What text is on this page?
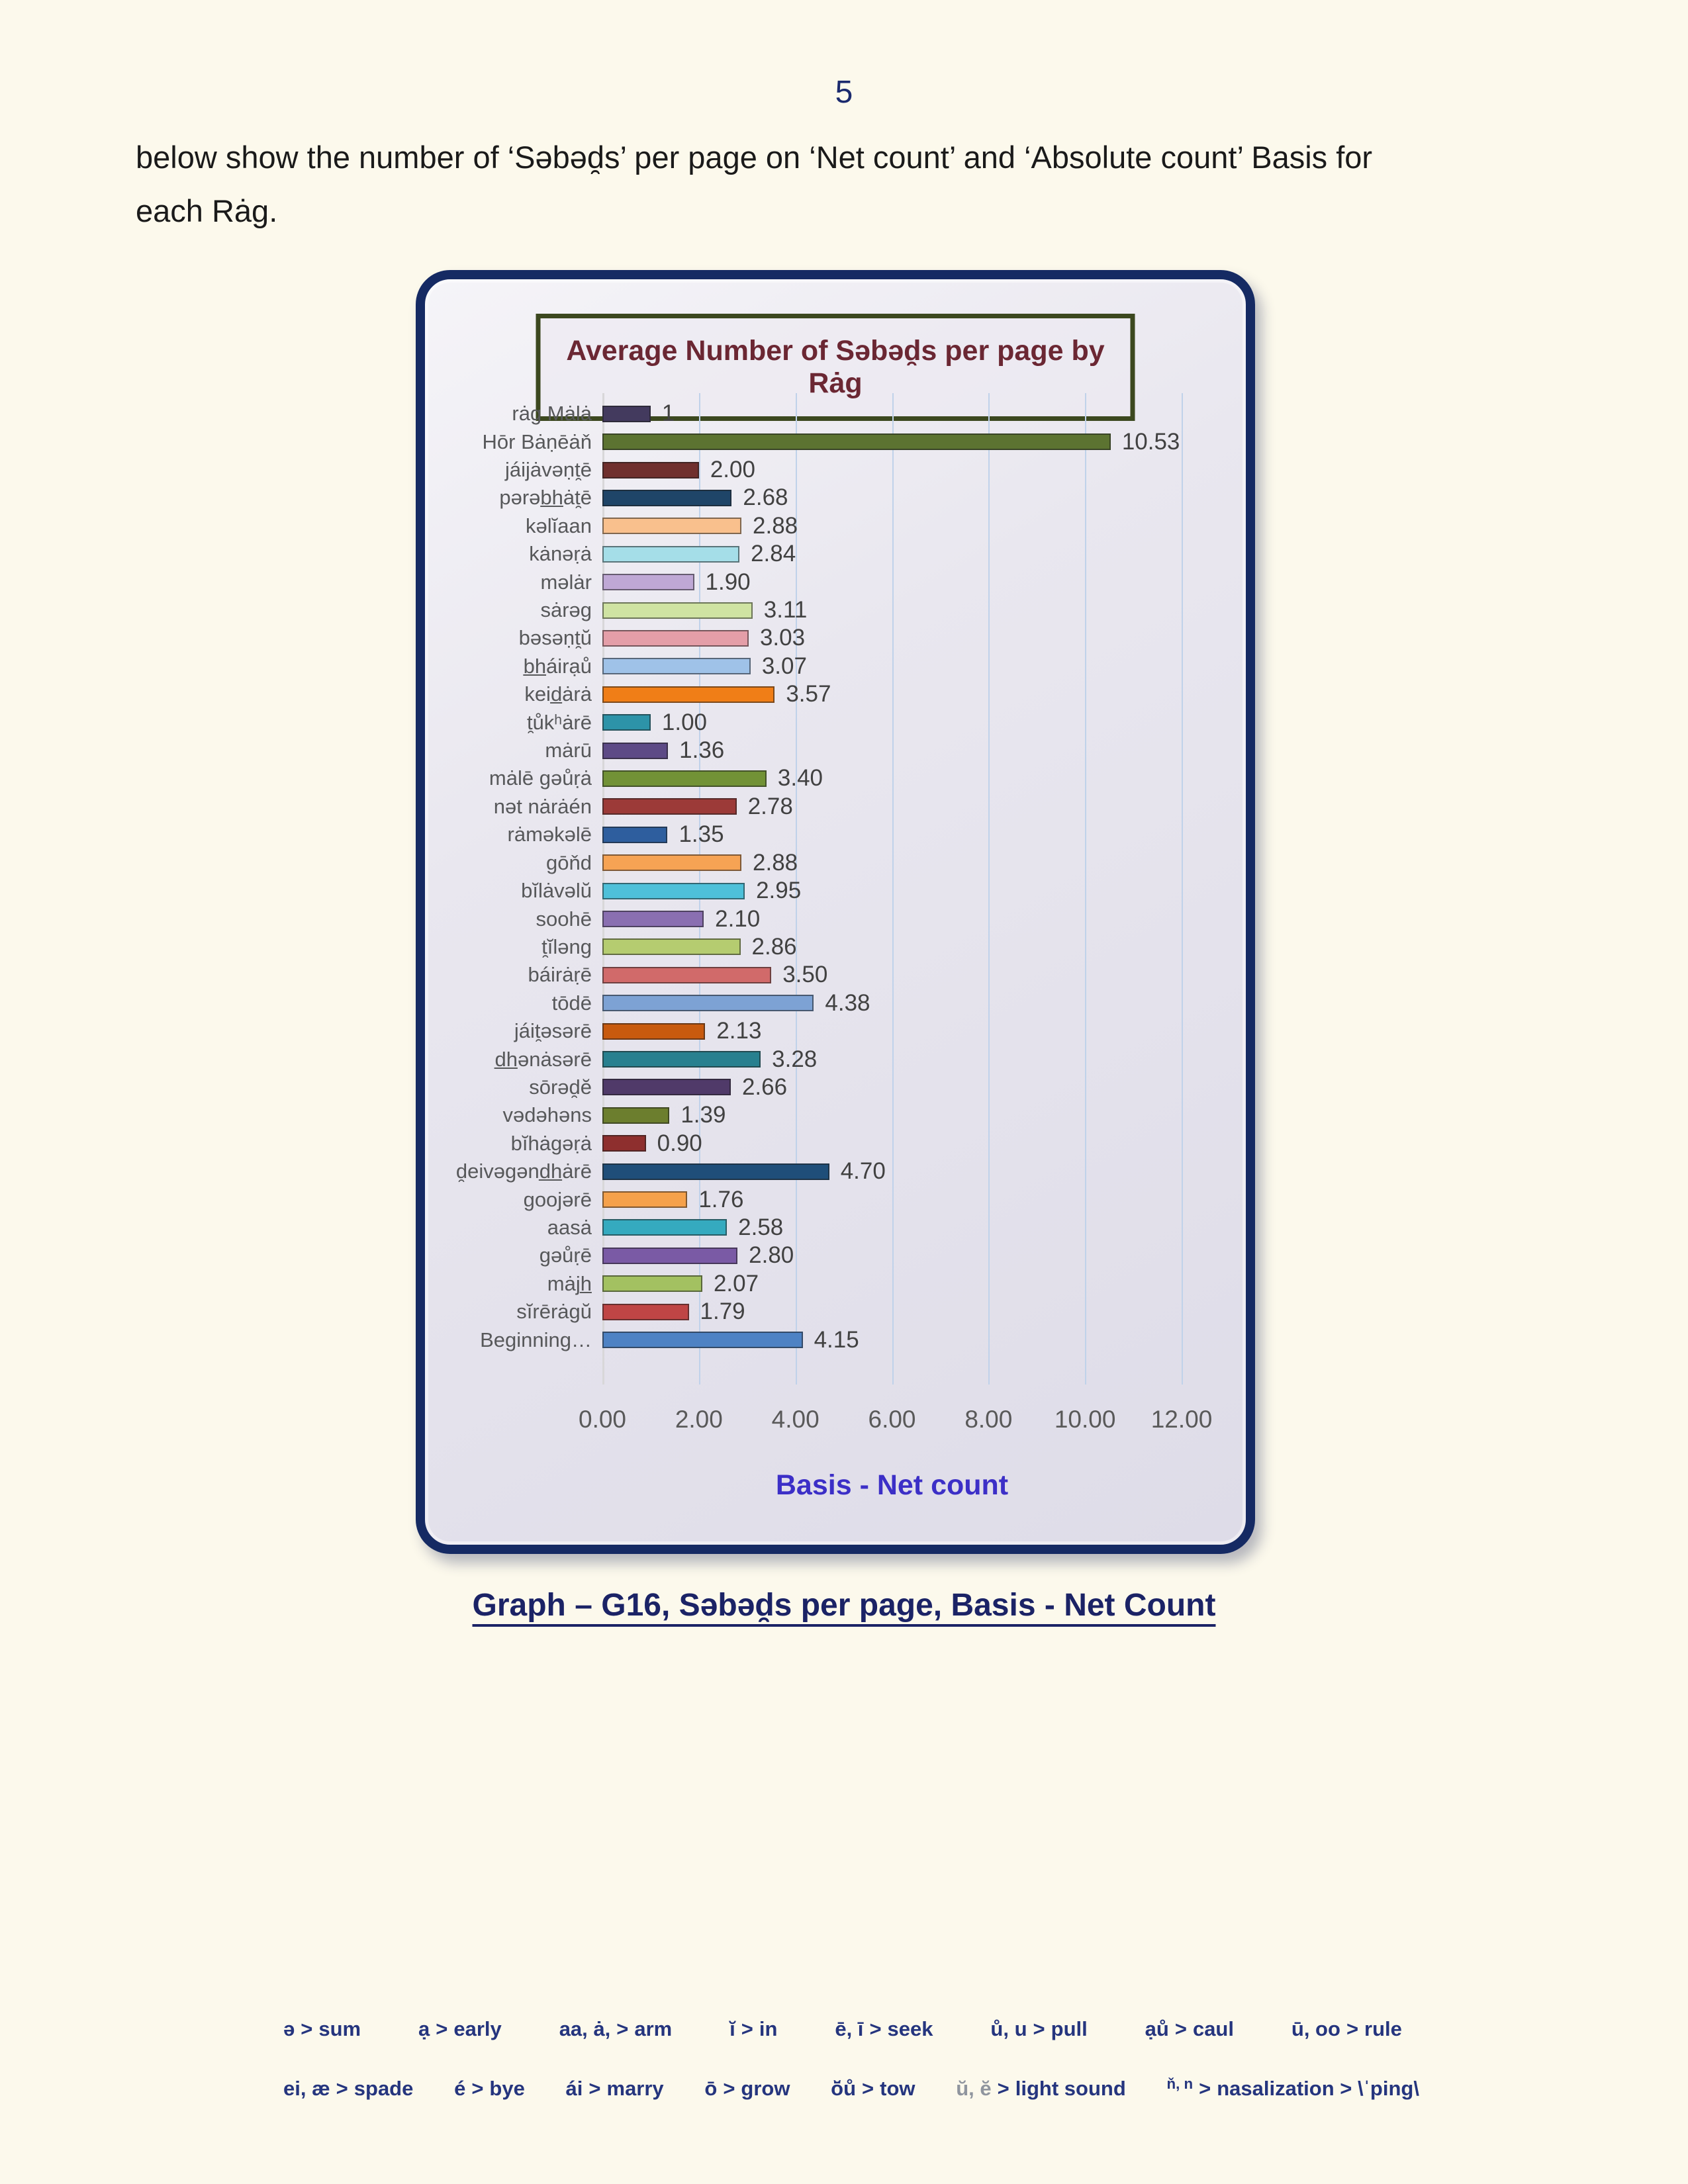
5
below show the number of ‘Səbəd̯s’ per page on ‘Net count’ and ‘Absolute count’ Basis for
each Rȧg.
Average Number of Səbəd̯s per page by Rȧg
rȧg Mȧlȧ	1
Hōr Bȧṇēȧň	10.53
jáijȧvəṇt̯ē	2.00
pərəb̲h̲ȧt̯ē	2.68
kəlĭaan	2.88
kȧnəṛȧ	2.84
məlȧr	1.90
sȧrəg	3.11
bəsəṇt̯ŭ	3.03
b̲h̲áirạů	3.07
keid̲ȧrȧ	3.57
t̯ůkʰȧrē	1.00
mȧrū	1.36
mȧlē gəůṛȧ	3.40
nət nȧrȧén	2.78
rȧməkəlē	1.35
gōňd	2.88
bĭlȧvəlŭ	2.95
soohē	2.10
t̯ĭləng	2.86
báirȧṛē	3.50
tōdē	4.38
jáit̯əsərē	2.13
d̲h̲ənȧsərē	3.28
sōrəd̯ĕ	2.66
vədəhəns	1.39
bĭhȧgəṛȧ	0.90
d̯eivəgənd̲h̲ȧrē	4.70
goojərē	1.76
aasȧ	2.58
gəůṛē	2.80
mȧjh̲	2.07
sĭrērȧgŭ	1.79
Beginning…	4.15
0.00 2.00 4.00 6.00 8.00 10.00 12.00
Basis - Net count
Graph – G16, Səbəd̯s per page, Basis - Net Count
ə > sum	ạ > early	aa, ȧ, > arm	ĭ > in	ē, ī > seek	ů, u > pull	ạů > caul	ū, oo > rule
ei, æ > spade é > bye ái > marry ō > grow ō̆ů > tow ŭ, ĕ > light sound	ň, n > nasalization > \ˈping\
